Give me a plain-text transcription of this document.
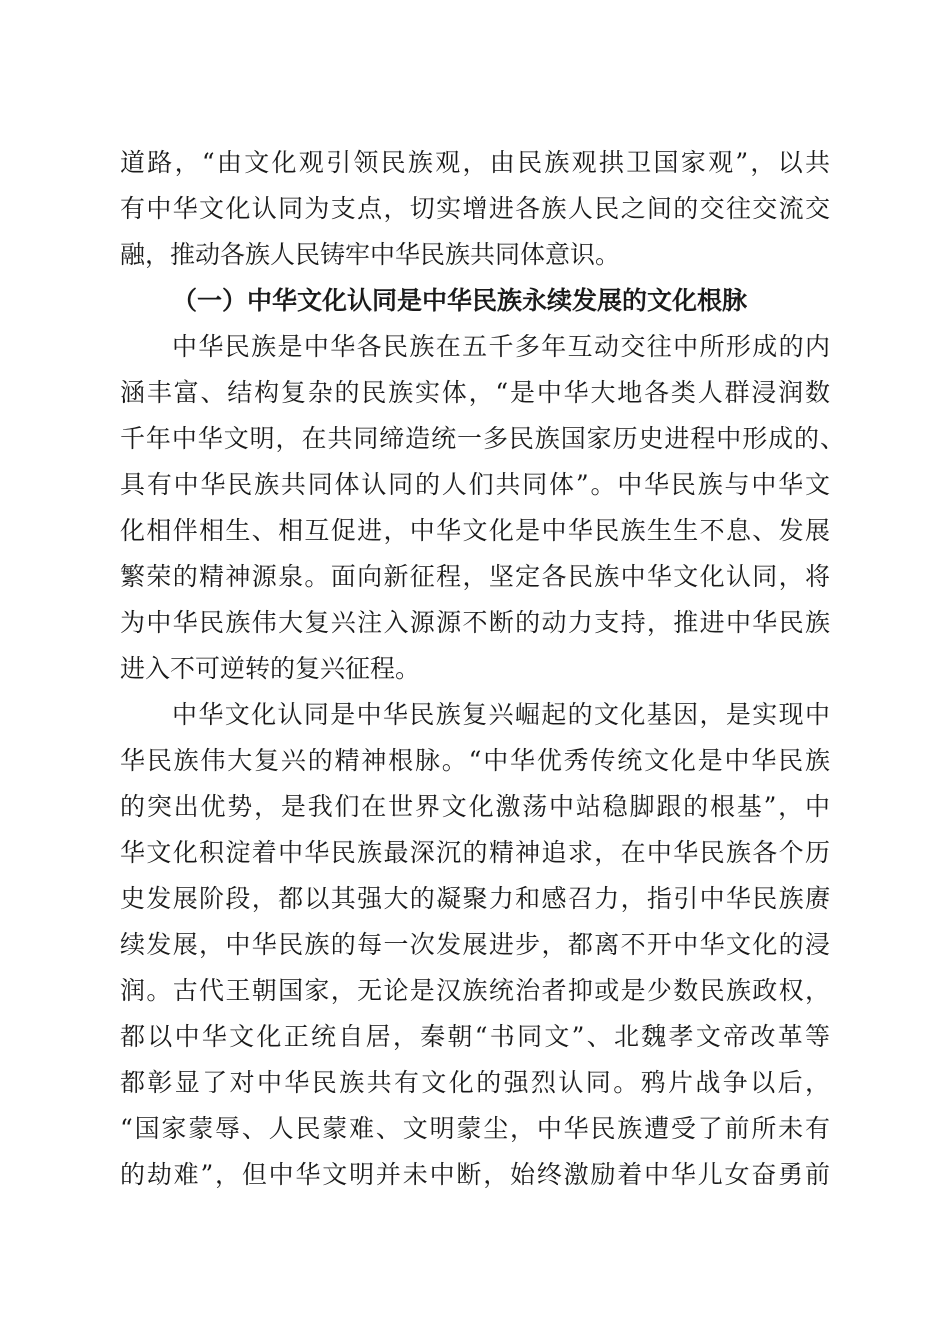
道路，“由文化观引领民族观，由民族观拱卫国家观”，以共
有中华文化认同为支点，切实增进各族人民之间的交往交流交
融，推动各族人民铸牢中华民族共同体意识。
（一）中华文化认同是中华民族永续发展的文化根脉
中华民族是中华各民族在五千多年互动交往中所形成的内
涵丰富、结构复杂的民族实体，“是中华大地各类人群浸润数
千年中华文明，在共同缔造统一多民族国家历史进程中形成的、
具有中华民族共同体认同的人们共同体”。中华民族与中华文
化相伴相生、相互促进，中华文化是中华民族生生不息、发展
繁荣的精神源泉。面向新征程，坚定各民族中华文化认同，将
为中华民族伟大复兴注入源源不断的动力支持，推进中华民族
进入不可逆转的复兴征程。
中华文化认同是中华民族复兴崛起的文化基因，是实现中
华民族伟大复兴的精神根脉。“中华优秀传统文化是中华民族
的突出优势，是我们在世界文化激荡中站稳脚跟的根基”，中
华文化积淀着中华民族最深沉的精神追求，在中华民族各个历
史发展阶段，都以其强大的凝聚力和感召力，指引中华民族赓
续发展，中华民族的每一次发展进步，都离不开中华文化的浸
润。古代王朝国家，无论是汉族统治者抑或是少数民族政权，
都以中华文化正统自居，秦朝“书同文”、北魏孝文帝改革等
都彰显了对中华民族共有文化的强烈认同。鸦片战争以后，
“国家蒙辱、人民蒙难、文明蒙尘，中华民族遭受了前所未有
的劫难”，但中华文明并未中断，始终激励着中华儿女奋勇前
